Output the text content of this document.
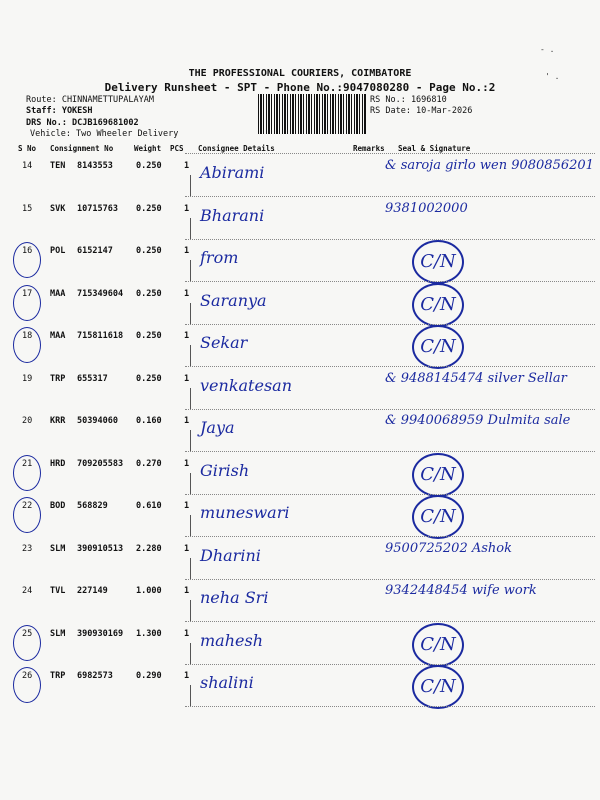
THE PROFESSIONAL COURIERS, COIMBATORE
Delivery Runsheet - SPT - Phone No.:9047080280 - Page No.:2
Route: CHINNAMETTUPALAYAM
Staff: YOKESH
DRS No.: DCJB169681002
Vehicle: Two Wheeler Delivery
RS No.: 1696810
RS Date: 10-Mar-2026
S No Consignment No	Weight PCS Consignee Details	Remarks Seal & Signature
14 TEN 8143553	0.250	1 Abirami	& saroja girlo wen 9080856201
15 SVK 10715763 0.250	1 Bharani	9381002000
16 POL 6152147	0.250	1 from	C/N
17 MAA 715349604 0.250	1 Saranya	C/N
18 MAA 715811618 0.250	1 Sekar	C/N
19 TRP 655317	0.250	1 venkatesan	& 9488145474 silver Sellar
20 KRR 50394060 0.160	1 Jaya	& 9940068959 Dulmita sale
21 HRD 709205583 0.270	1 Girish	C/N
22 BOD 568829	0.610	1 muneswari	C/N
23 SLM 390910513 2.280	1 Dharini	9500725202 Ashok
24 TVL 227149	1.000	1 neha Sri	9342448454 wife work
25 SLM 390930169 1.300	1 mahesh	C/N
26 TRP 6982573	0.290	1 shalini	C/N
- .
' .
